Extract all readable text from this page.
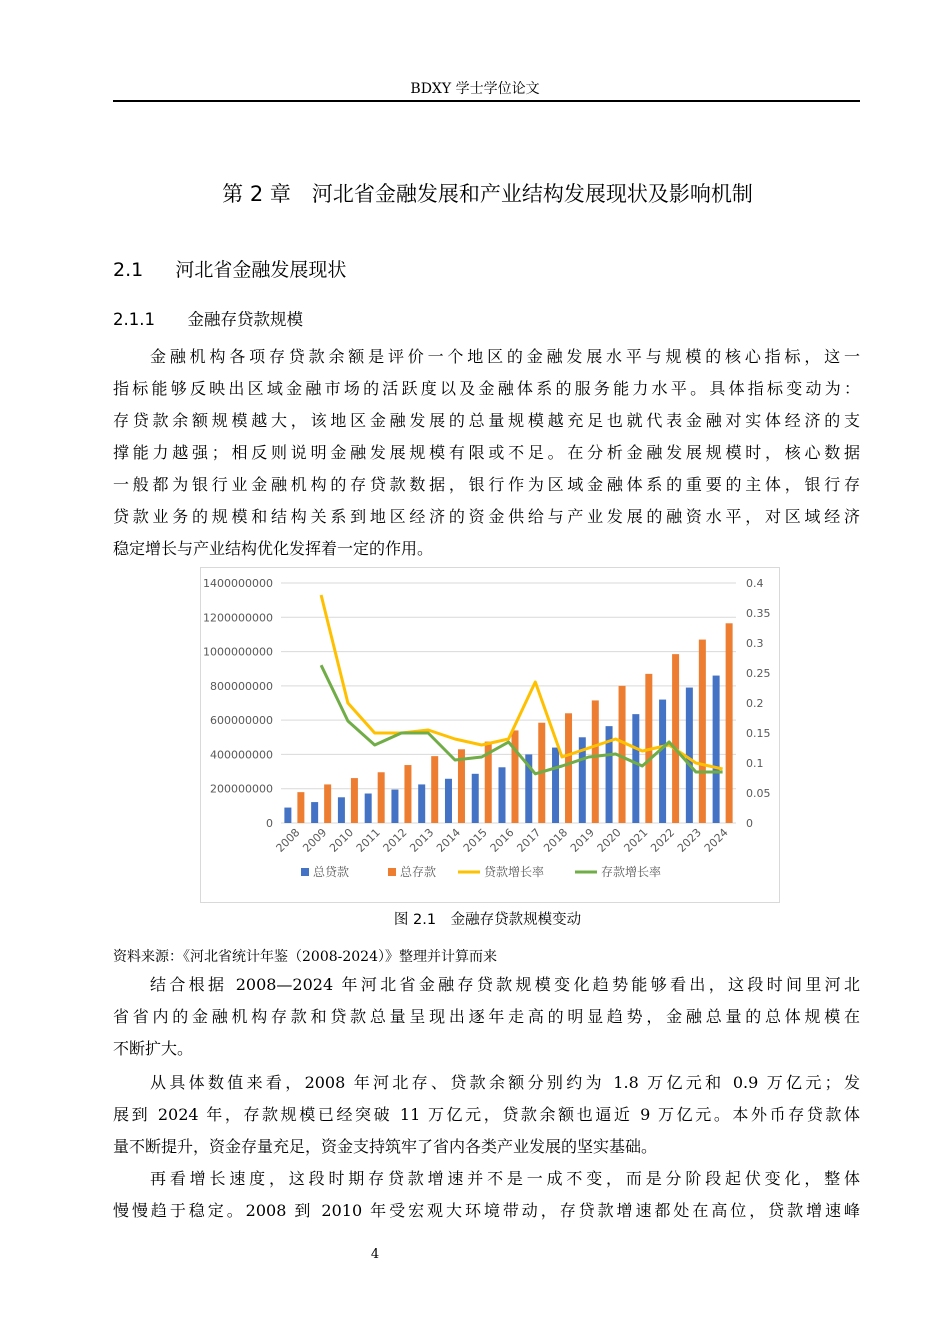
BDXY 学士学位论文
第 2 章　河北省金融发展和产业结构发展现状及影响机制
2.1 河北省金融发展现状
2.1.1 金融存贷款规模
金融机构各项存贷款余额是评价一个地区的金融发展水平与规模的核心指标，这一
指标能够反映出区域金融市场的活跃度以及金融体系的服务能力水平。具体指标变动为：
存贷款余额规模越大，该地区金融发展的总量规模越充足也就代表金融对实体经济的支
撑能力越强；相反则说明金融发展规模有限或不足。在分析金融发展规模时，核心数据
一般都为银行业金融机构的存贷款数据，银行作为区域金融体系的重要的主体，银行存
贷款业务的规模和结构关系到地区经济的资金供给与产业发展的融资水平，对区域经济
稳定增长与产业结构优化发挥着一定的作用。
0
200000000
400000000
600000000
800000000
1000000000
1200000000
1400000000
0
0.05
0.1
0.15
0.2
0.25
0.3
0.35
0.4
2008
2009
2010
2011
2012
2013
2014
2015
2016
2017
2018
2019
2020
2021
2022
2023
2024
总贷款	总存款	贷款增长率	存款增长率
图 2.1　金融存贷款规模变动
资料来源：《河北省统计年鉴（2008-2024）》整理并计算而来
结合根据 2008—2024 年河北省金融存贷款规模变化趋势能够看出，这段时间里河北
省省内的金融机构存款和贷款总量呈现出逐年走高的明显趋势，金融总量的总体规模在
不断扩大。
从具体数值来看，2008 年河北存、贷款余额分别约为 1.8 万亿元和 0.9 万亿元；发
展到 2024 年，存款规模已经突破 11 万亿元，贷款余额也逼近 9 万亿元。本外币存贷款体
量不断提升，资金存量充足，资金支持筑牢了省内各类产业发展的坚实基础。
再看增长速度，这段时期存贷款增速并不是一成不变，而是分阶段起伏变化，整体
慢慢趋于稳定。2008 到 2010 年受宏观大环境带动，存贷款增速都处在高位，贷款增速峰
4
